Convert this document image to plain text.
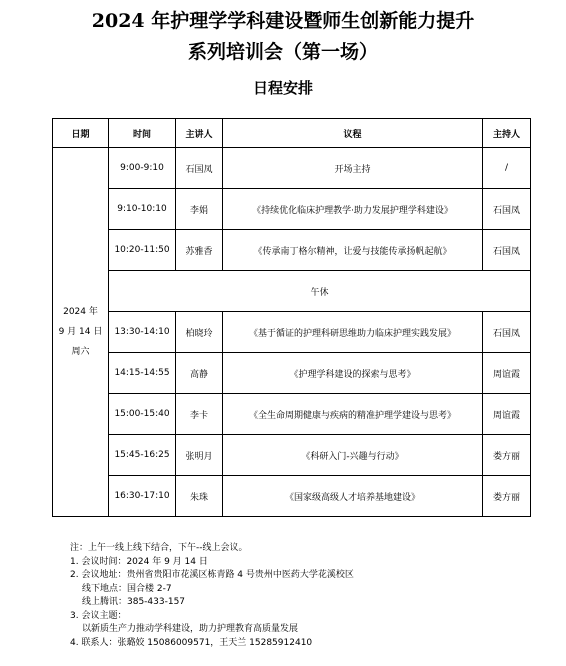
2024 年护理学学科建设暨师生创新能力提升
系列培训会（第一场）
日程安排
日期	时间	主讲人	议程	主持人

2024 年
9 月 14 日
周六	9:00-9:10	石国凤	开场主持	/
	9:10-10:10	李娟	《持续优化临床护理教学·助力发展护理学科建设》	石国凤
	10:20-11:50	苏雅香	《传承南丁格尔精神，让爱与技能传承扬帆起航》	石国凤
	午休			
	13:30-14:10	柏晓玲	《基于循证的护理科研思维助力临床护理实践发展》	石国凤
	14:15-14:55	高静	《护理学科建设的探索与思考》	周谊霞
	15:00-15:40	李卡	《全生命周期健康与疾病的精准护理学建设与思考》	周谊霞
	15:45-16:25	张明月	《科研入门-兴趣与行动》	娄方丽
	16:30-17:10	朱珠	《国家级高级人才培养基地建设》	娄方丽
注：上午一线上线下结合，下午--线上会议。
1. 会议时间：2024 年 9 月 14 日
2. 会议地址：贵州省贵阳市花溪区栋青路 4 号贵州中医药大学花溪校区
线下地点：国合楼 2-7
线上腾讯：385-433-157
3. 会议主题：
以新质生产力推动学科建设，助力护理教育高质量发展
4. 联系人：张璐姣 15086009571，王天兰 15285912410
